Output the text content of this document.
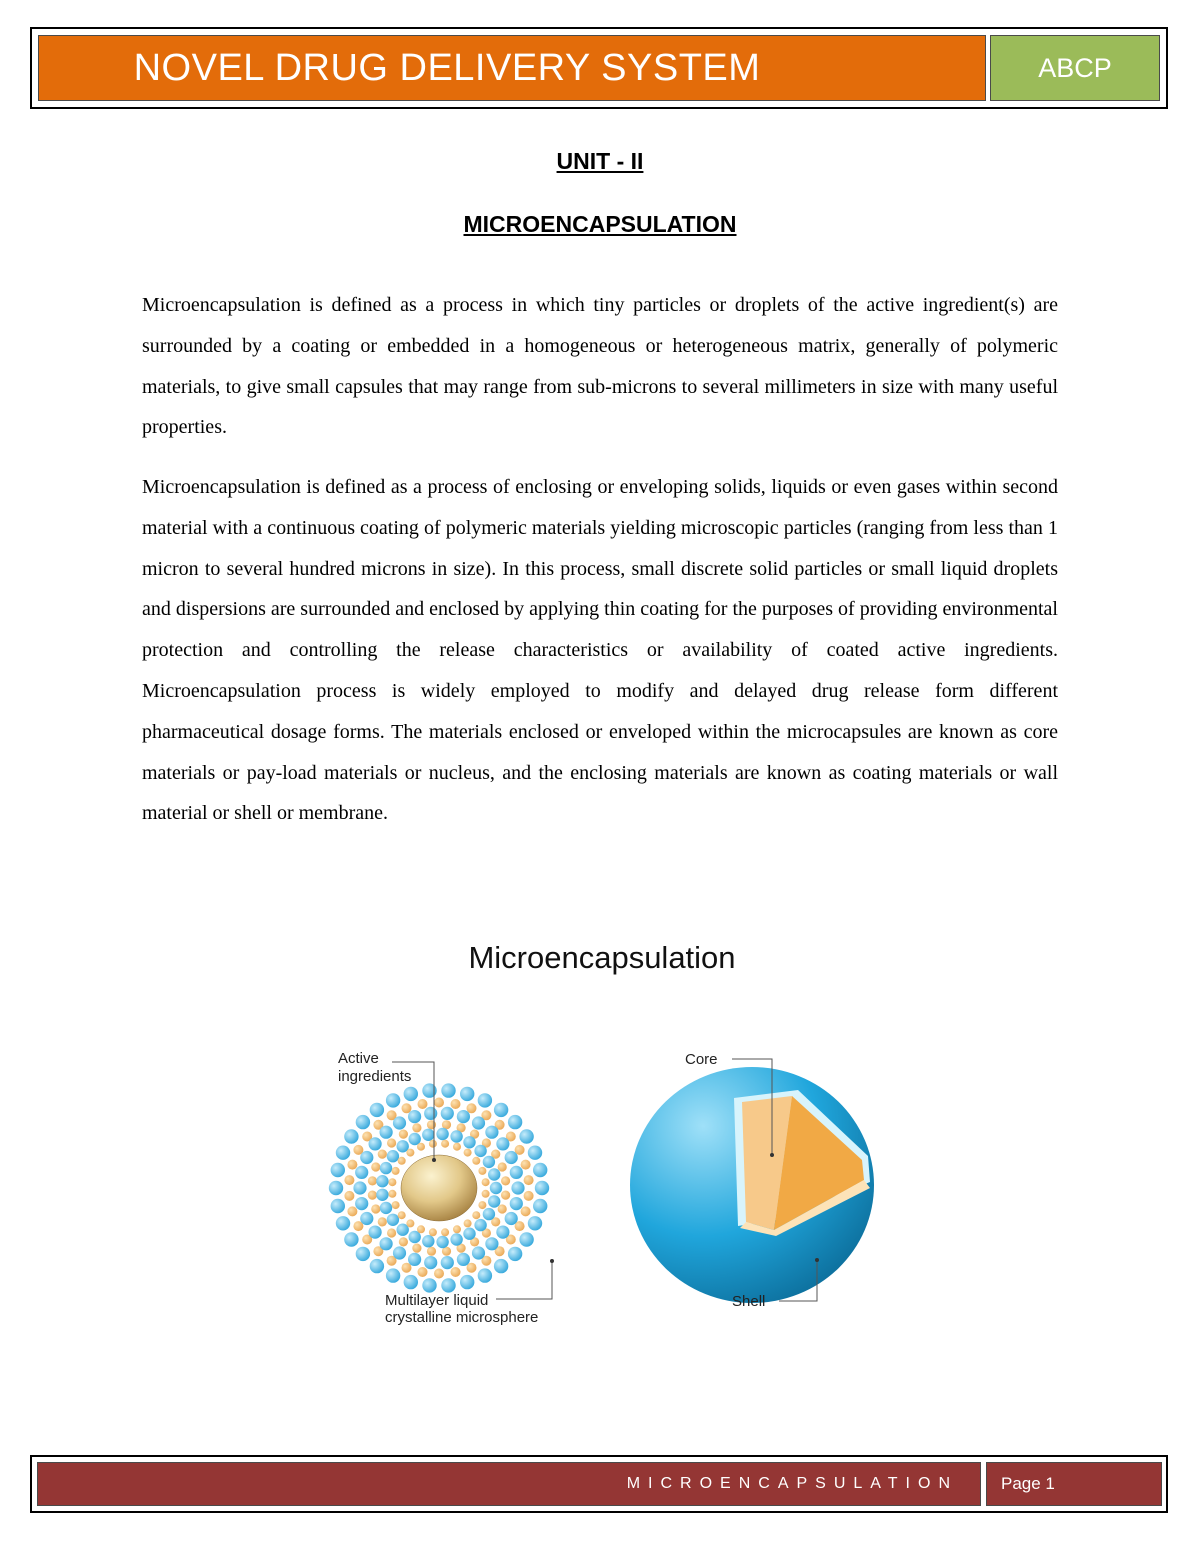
NOVEL DRUG DELIVERY SYSTEM	ABCP
UNIT - II
MICROENCAPSULATION

Microencapsulation is defined as a process in which tiny particles or droplets of the active ingredient(s) are surrounded by a coating or embedded in a homogeneous or heterogeneous matrix, generally of polymeric materials, to give small capsules that may range from sub-microns to several millimeters in size with many useful properties.

Microencapsulation is defined as a process of enclosing or enveloping solids, liquids or even gases within second material with a continuous coating of polymeric materials yielding microscopic particles (ranging from less than 1 micron to several hundred microns in size). In this process, small discrete solid particles or small liquid droplets and dispersions are surrounded and enclosed by applying thin coating for the purposes of providing environmental protection and controlling the release characteristics or availability of coated active ingredients. Microencapsulation process is widely employed to modify and delayed drug release form different pharmaceutical dosage forms. The materials enclosed or enveloped within the microcapsules are known as core materials or pay-load materials or nucleus, and the enclosing materials are known as coating materials or wall material or shell or membrane.

Microencapsulation
Active
ingredients
Multilayer liquid
crystalline microsphere
Core
Shell
MICROENCAPSULATION	Page 1
